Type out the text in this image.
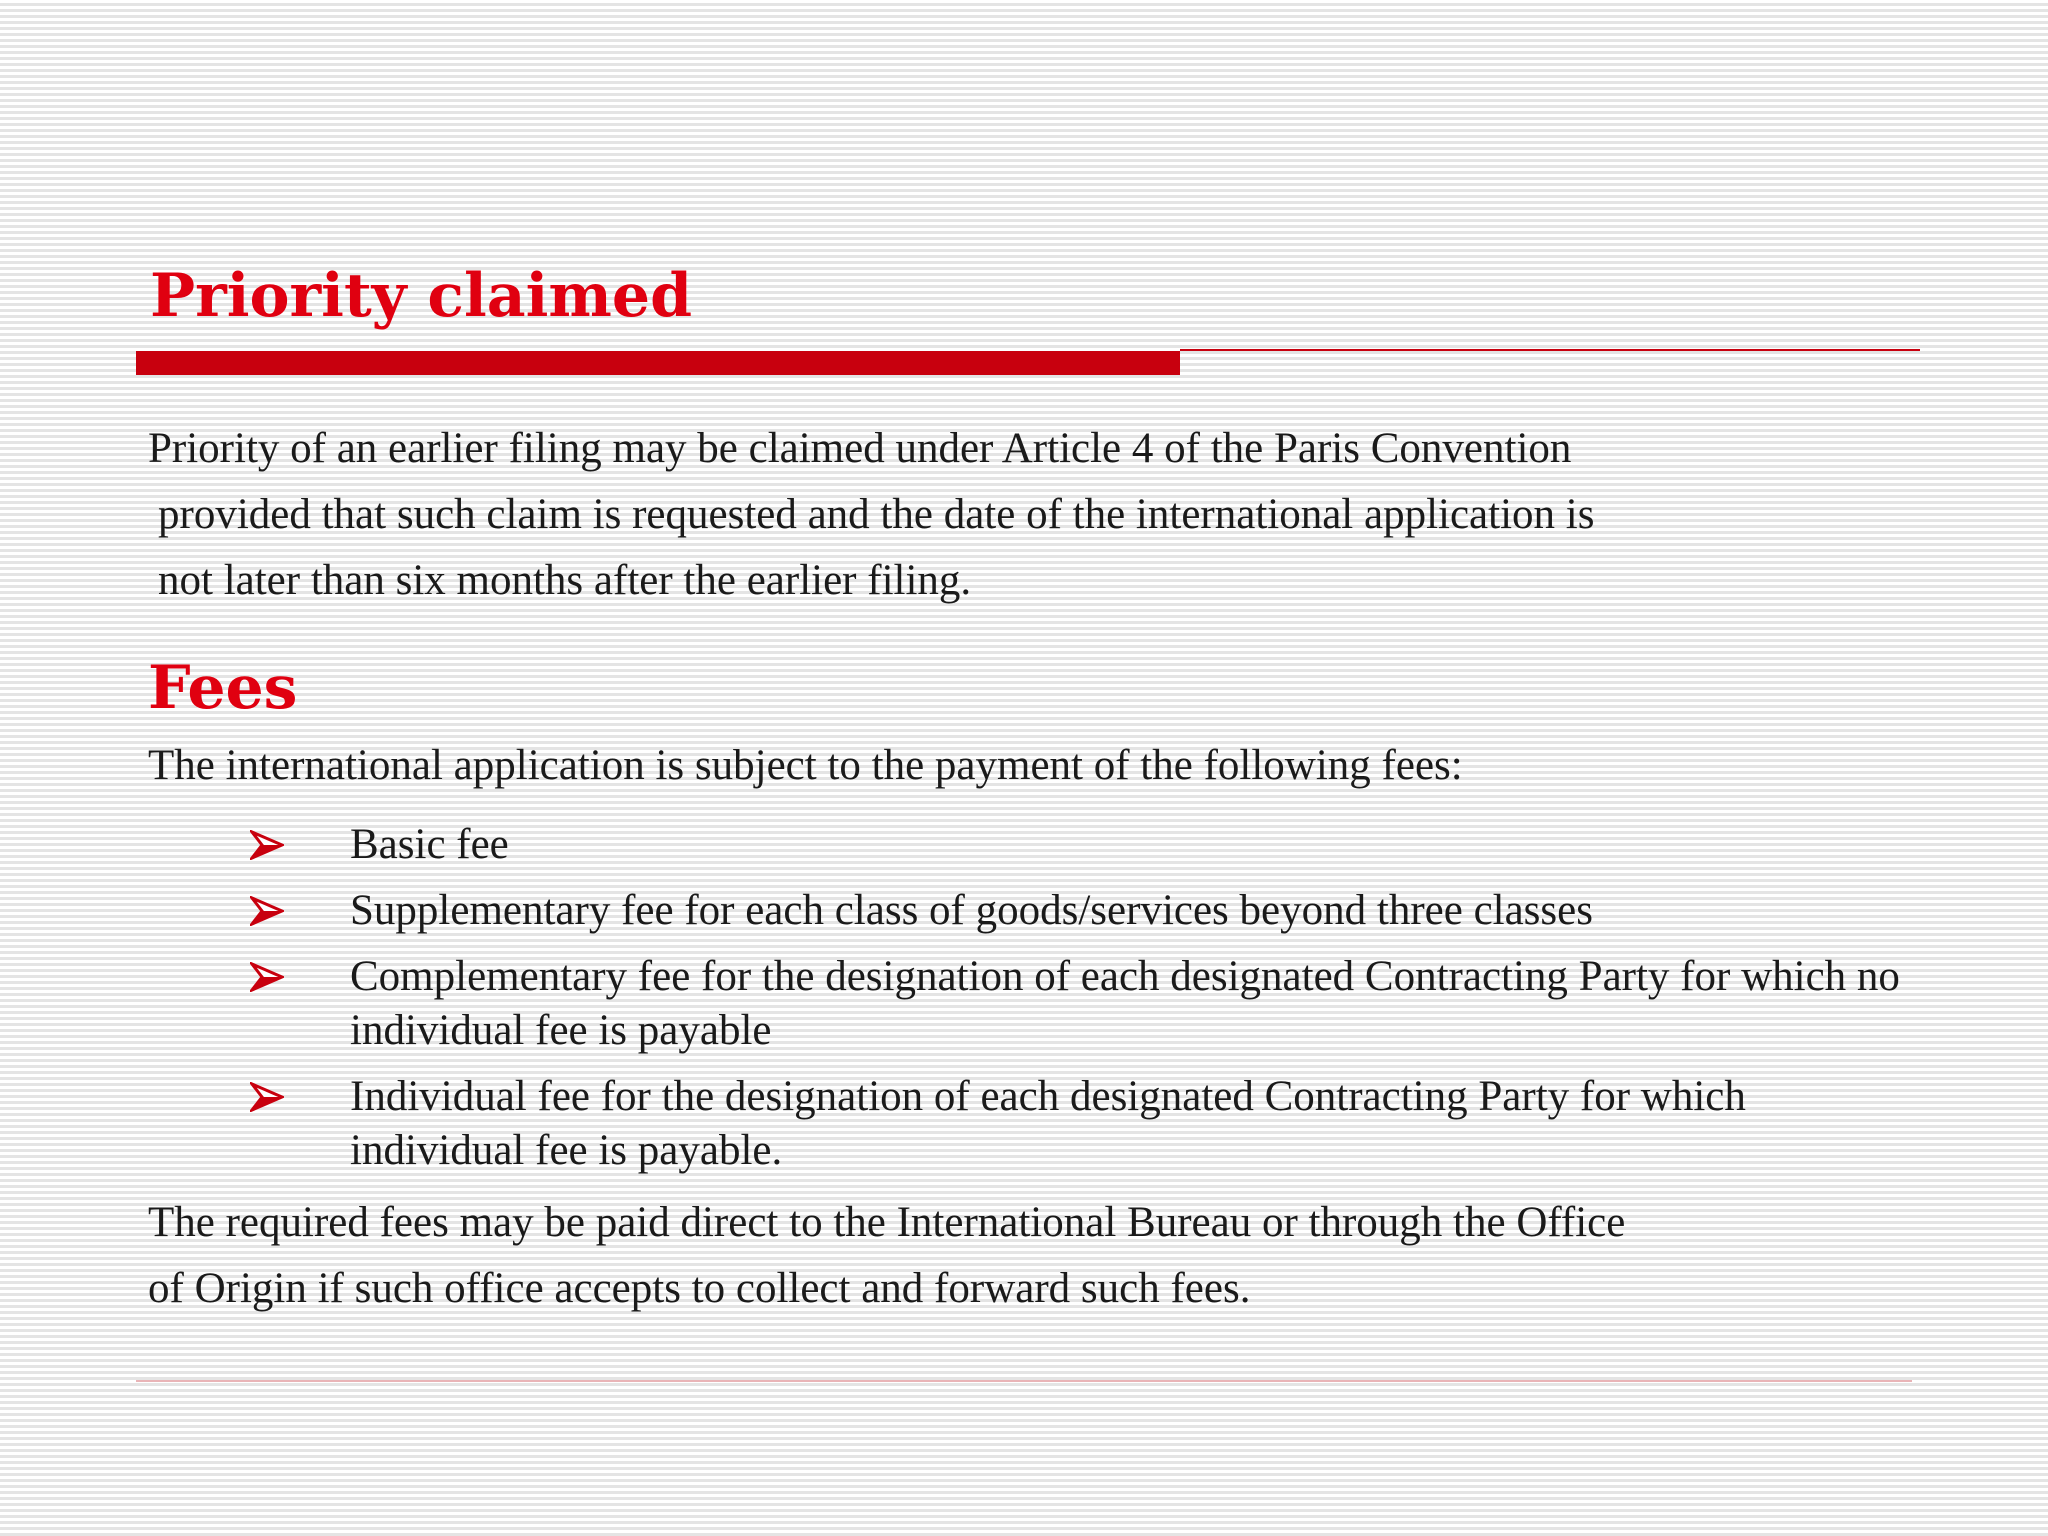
Priority claimed

Priority of an earlier filing may be claimed under Article 4 of the Paris Convention
provided that such claim is requested and the date of the international application is
not later than six months after the earlier filing.

Fees

The international application is subject to the payment of the following fees:

Basic fee
Supplementary fee for each class of goods/services beyond three classes
Complementary fee for the designation of each designated Contracting Party for which no individual fee is payable
Individual fee for the designation of each designated Contracting Party for which individual fee is payable.

The required fees may be paid direct to the International Bureau or through the Office
of Origin if such office accepts to collect and forward such fees.
